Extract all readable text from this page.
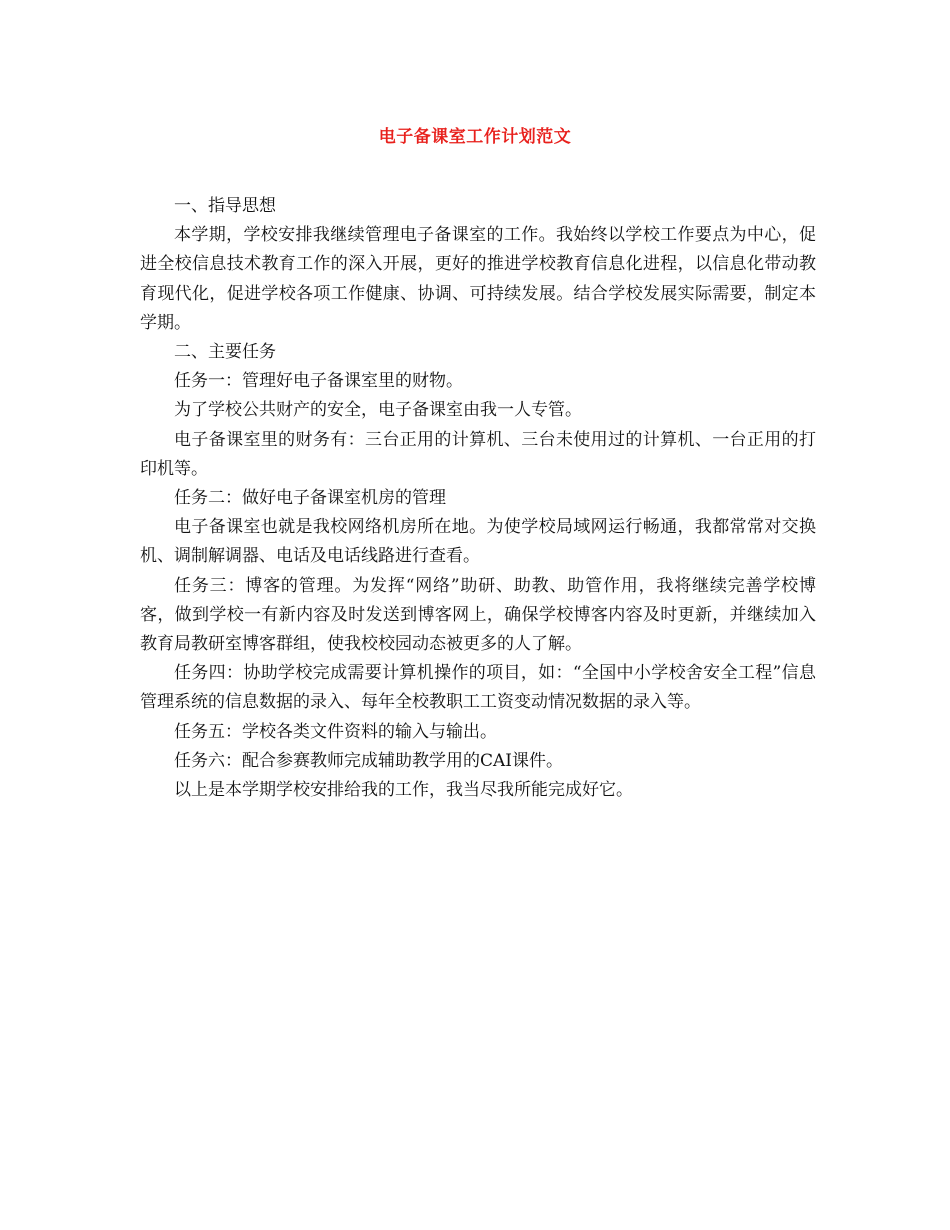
电子备课室工作计划范文

一、指导思想

本学期，学校安排我继续管理电子备课室的工作。我始终以学校工作要点为中心，促进全校信息技术教育工作的深入开展，更好的推进学校教育信息化进程，以信息化带动教育现代化，促进学校各项工作健康、协调、可持续发展。结合学校发展实际需要，制定本学期。

二、主要任务

任务一：管理好电子备课室里的财物。

为了学校公共财产的安全，电子备课室由我一人专管。

电子备课室里的财务有：三台正用的计算机、三台未使用过的计算机、一台正用的打印机等。

任务二：做好电子备课室机房的管理

电子备课室也就是我校网络机房所在地。为使学校局域网运行畅通，我都常常对交换机、调制解调器、电话及电话线路进行查看。

任务三：博客的管理。为发挥“网络”助研、助教、助管作用，我将继续完善学校博客，做到学校一有新内容及时发送到博客网上，确保学校博客内容及时更新，并继续加入教育局教研室博客群组，使我校校园动态被更多的人了解。

任务四：协助学校完成需要计算机操作的项目，如：“全国中小学校舍安全工程”信息管理系统的信息数据的录入、每年全校教职工工资变动情况数据的录入等。

任务五：学校各类文件资料的输入与输出。

任务六：配合参赛教师完成辅助教学用的CAI课件。

以上是本学期学校安排给我的工作，我当尽我所能完成好它。
